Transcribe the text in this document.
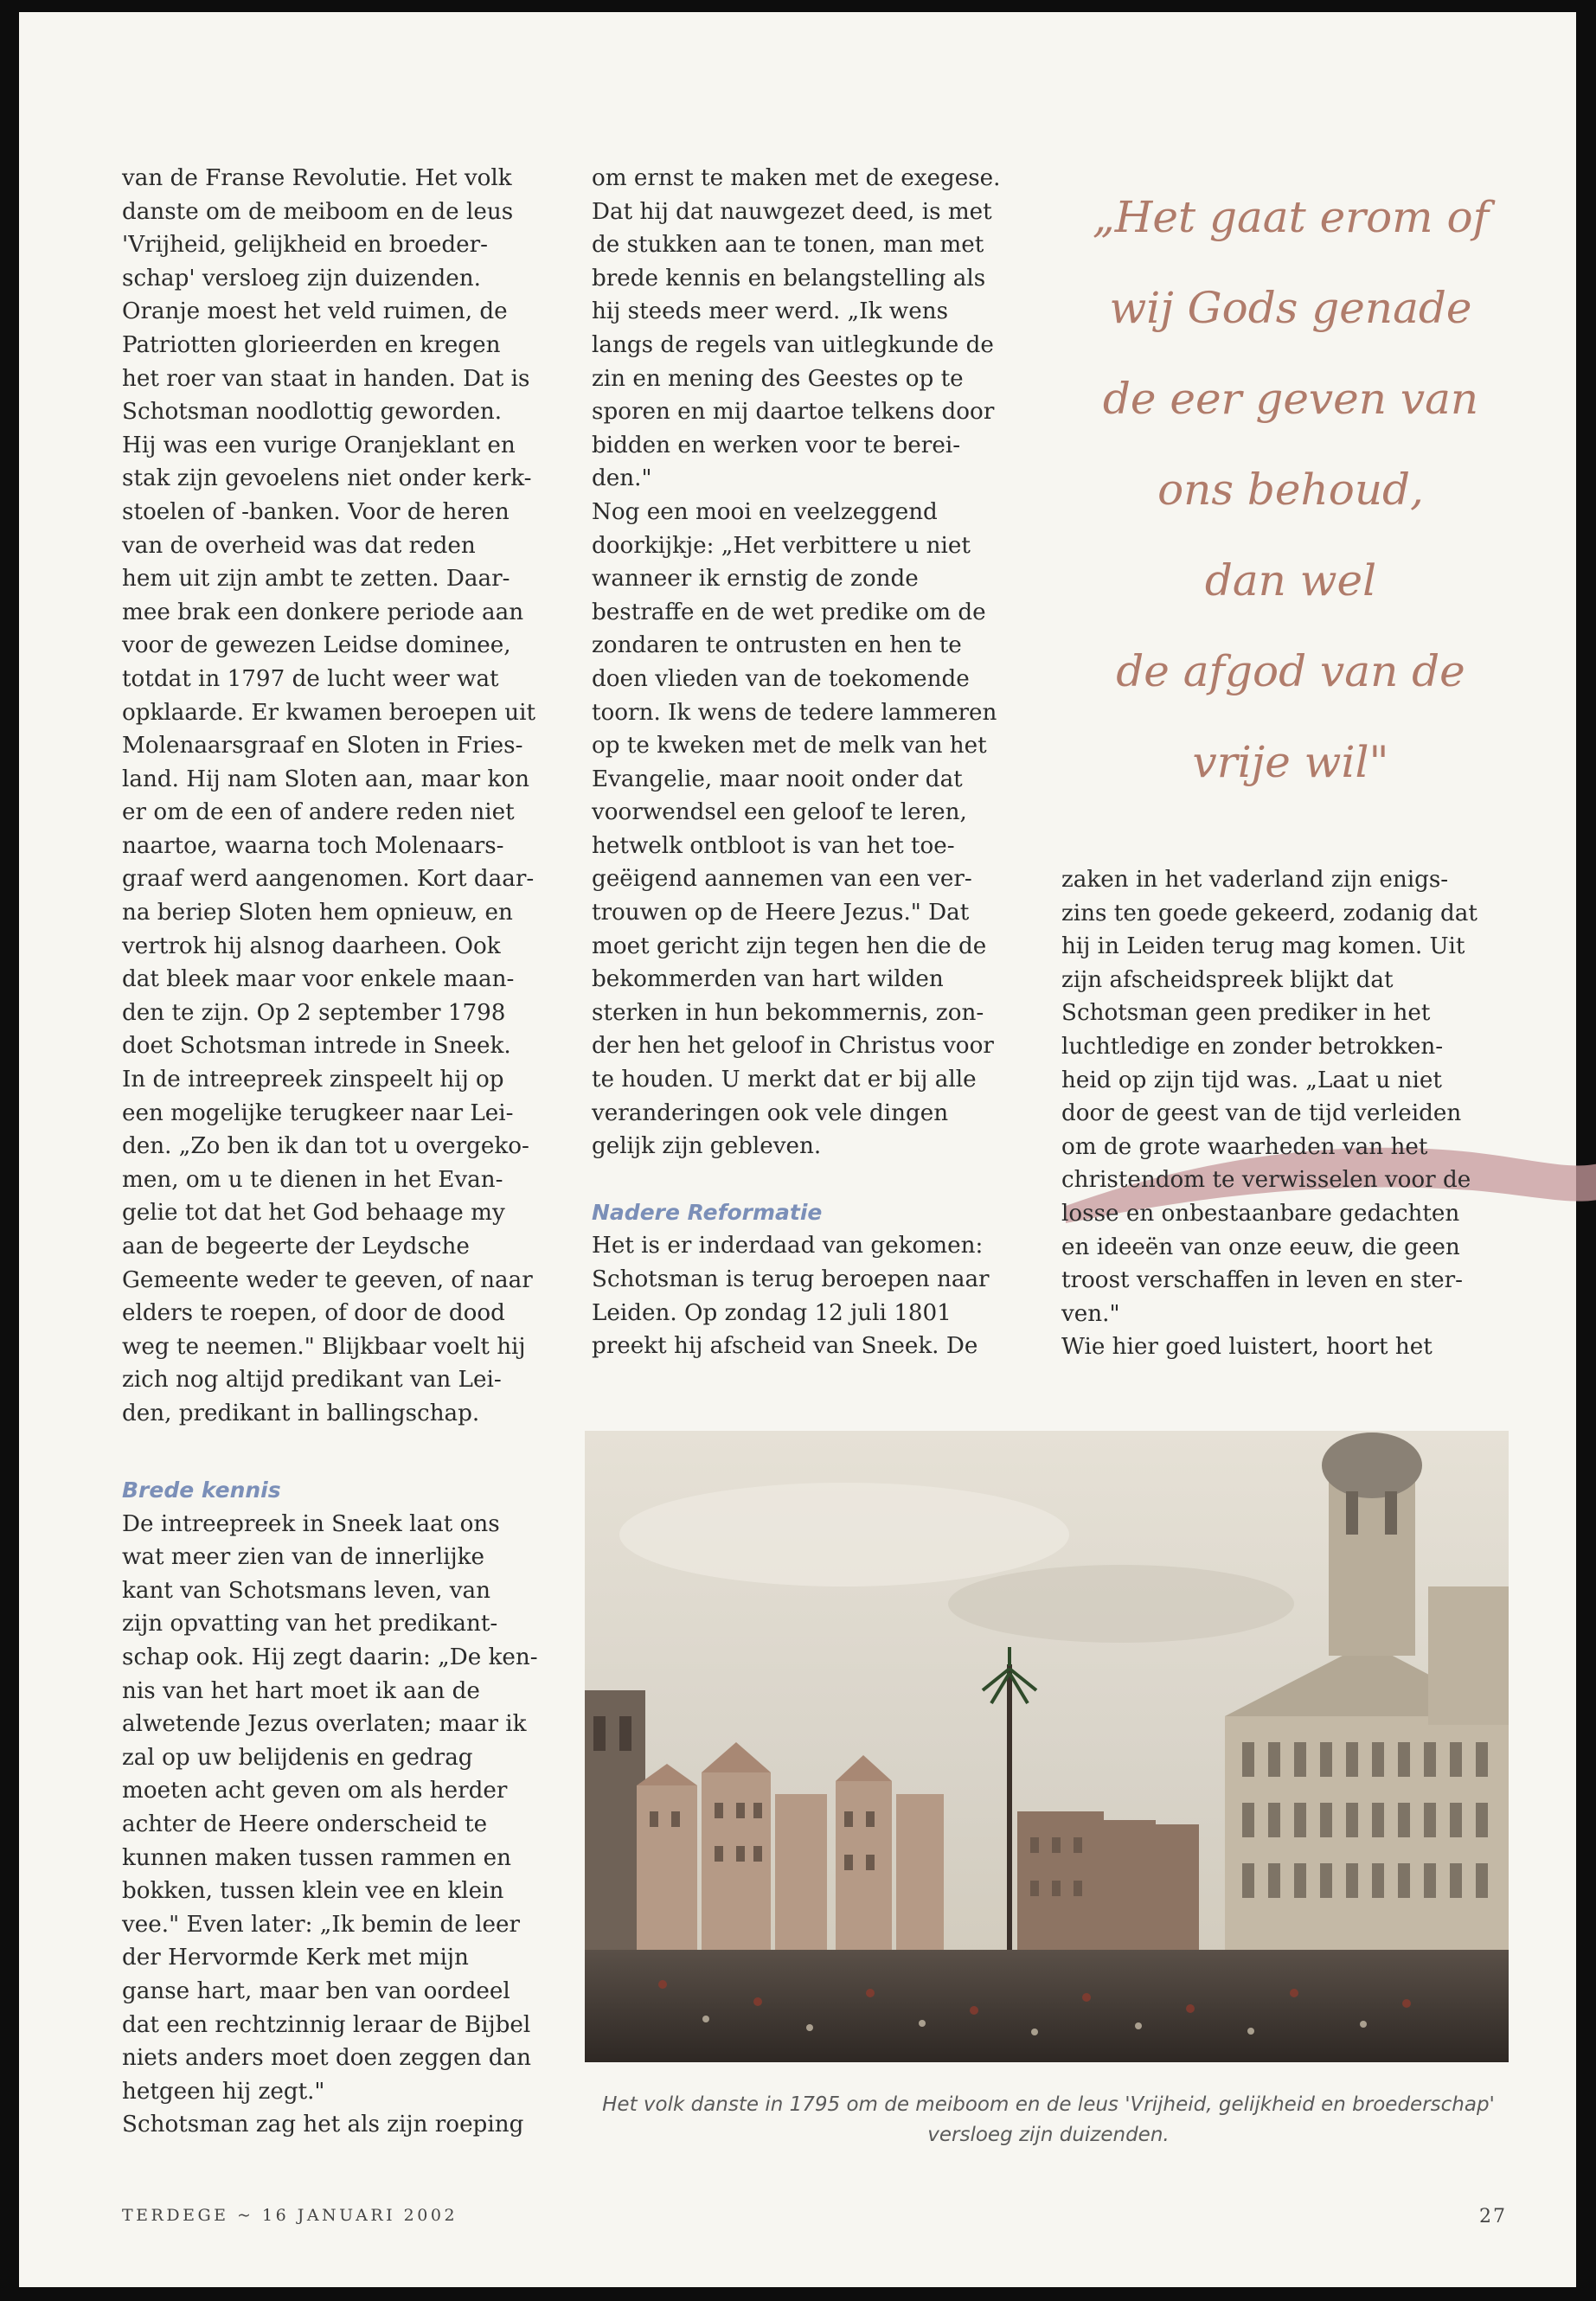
van de Franse Revolutie. Het volk

danste om de meiboom en de leus

'Vrijheid, gelijkheid en broeder-

schap' versloeg zijn duizenden.

Oranje moest het veld ruimen, de

Patriotten glorieerden en kregen

het roer van staat in handen. Dat is

Schotsman noodlottig geworden.

Hij was een vurige Oranjeklant en

stak zijn gevoelens niet onder kerk-

stoelen of -banken. Voor de heren

van de overheid was dat reden

hem uit zijn ambt te zetten. Daar-

mee brak een donkere periode aan

voor de gewezen Leidse dominee,

totdat in 1797 de lucht weer wat

opklaarde. Er kwamen beroepen uit

Molenaarsgraaf en Sloten in Fries-

land. Hij nam Sloten aan, maar kon

er om de een of andere reden niet

naartoe, waarna toch Molenaars-

graaf werd aangenomen. Kort daar-

na beriep Sloten hem opnieuw, en

vertrok hij alsnog daarheen. Ook

dat bleek maar voor enkele maan-

den te zijn. Op 2 september 1798

doet Schotsman intrede in Sneek.

In de intreepreek zinspeelt hij op

een mogelijke terugkeer naar Lei-

den. „Zo ben ik dan tot u overgeko-

men, om u te dienen in het Evan-

gelie tot dat het God behaage my

aan de begeerte der Leydsche

Gemeente weder te geeven, of naar

elders te roepen, of door de dood

weg te neemen." Blijkbaar voelt hij

zich nog altijd predikant van Lei-

den, predikant in ballingschap.

Brede kennis

De intreepreek in Sneek laat ons

wat meer zien van de innerlijke

kant van Schotsmans leven, van

zijn opvatting van het predikant-

schap ook. Hij zegt daarin: „De ken-

nis van het hart moet ik aan de

alwetende Jezus overlaten; maar ik

zal op uw belijdenis en gedrag

moeten acht geven om als herder

achter de Heere onderscheid te

kunnen maken tussen rammen en

bokken, tussen klein vee en klein

vee." Even later: „Ik bemin de leer

der Hervormde Kerk met mijn

ganse hart, maar ben van oordeel

dat een rechtzinnig leraar de Bijbel

niets anders moet doen zeggen dan

hetgeen hij zegt."

Schotsman zag het als zijn roeping

om ernst te maken met de exegese.

Dat hij dat nauwgezet deed, is met

de stukken aan te tonen, man met

brede kennis en belangstelling als

hij steeds meer werd. „Ik wens

langs de regels van uitlegkunde de

zin en mening des Geestes op te

sporen en mij daartoe telkens door

bidden en werken voor te berei-

den."

Nog een mooi en veelzeggend

doorkijkje: „Het verbittere u niet

wanneer ik ernstig de zonde

bestraffe en de wet predike om de

zondaren te ontrusten en hen te

doen vlieden van de toekomende

toorn. Ik wens de tedere lammeren

op te kweken met de melk van het

Evangelie, maar nooit onder dat

voorwendsel een geloof te leren,

hetwelk ontbloot is van het toe-

geëigend aannemen van een ver-

trouwen op de Heere Jezus." Dat

moet gericht zijn tegen hen die de

bekommerden van hart wilden

sterken in hun bekommernis, zon-

der hen het geloof in Christus voor

te houden. U merkt dat er bij alle

veranderingen ook vele dingen

gelijk zijn gebleven.

Nadere Reformatie

Het is er inderdaad van gekomen:

Schotsman is terug beroepen naar

Leiden. Op zondag 12 juli 1801

preekt hij afscheid van Sneek. De

„Het gaat erom of
wij Gods genade
de eer geven van
ons behoud,
dan wel
de afgod van de
vrije wil"

zaken in het vaderland zijn enigs-

zins ten goede gekeerd, zodanig dat

hij in Leiden terug mag komen. Uit

zijn afscheidspreek blijkt dat

Schotsman geen prediker in het

luchtledige en zonder betrokken-

heid op zijn tijd was. „Laat u niet

door de geest van de tijd verleiden

om de grote waarheden van het

christendom te verwisselen voor de

losse en onbestaanbare gedachten

en ideeën van onze eeuw, die geen

troost verschaffen in leven en ster-

ven."

Wie hier goed luistert, hoort het

Het volk danste in 1795 om de meiboom en de leus 'Vrijheid, gelijkheid en broederschap'
versloeg zijn duizenden.
TERDEGE ~ 16 JANUARI 2002	27
